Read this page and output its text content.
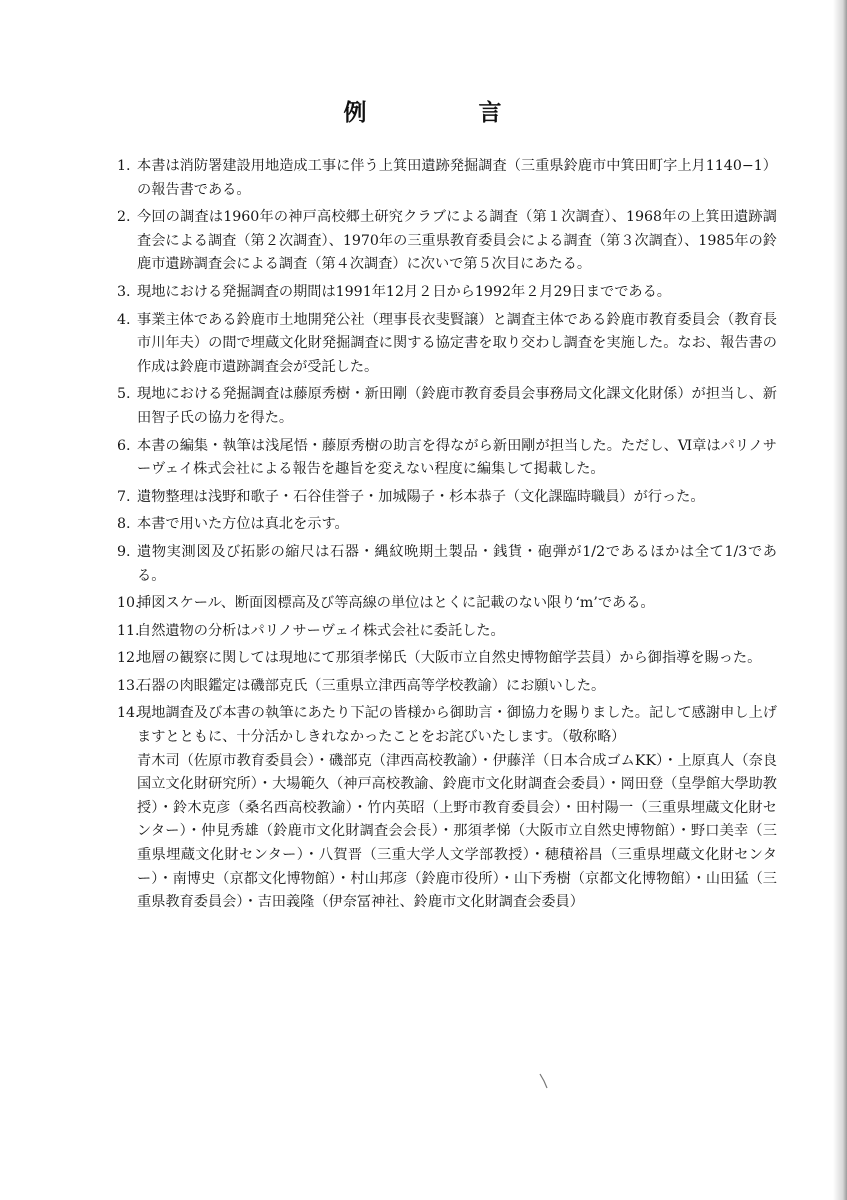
例	言
1. 本書は消防署建設用地造成工事に伴う上箕田遺跡発掘調査（三重県鈴鹿市中箕田町字上月1140−1）の報告書である。
2. 今回の調査は1960年の神戸高校郷土研究クラブによる調査（第１次調査）、1968年の上箕田遺跡調査会による調査（第２次調査）、1970年の三重県教育委員会による調査（第３次調査）、1985年の鈴鹿市遺跡調査会による調査（第４次調査）に次いで第５次目にあたる。
3. 現地における発掘調査の期間は1991年12月２日から1992年２月29日までである。
4. 事業主体である鈴鹿市土地開発公社（理事長衣斐賢譲）と調査主体である鈴鹿市教育委員会（教育長市川年夫）の間で埋蔵文化財発掘調査に関する協定書を取り交わし調査を実施した。なお、報告書の作成は鈴鹿市遺跡調査会が受託した。
5. 現地における発掘調査は藤原秀樹・新田剛（鈴鹿市教育委員会事務局文化課文化財係）が担当し、新田智子氏の協力を得た。
6. 本書の編集・執筆は浅尾悟・藤原秀樹の助言を得ながら新田剛が担当した。ただし、Ⅵ章はパリノサーヴェイ株式会社による報告を趣旨を変えない程度に編集して掲載した。
7. 遺物整理は浅野和歌子・石谷佳誉子・加城陽子・杉本恭子（文化課臨時職員）が行った。
8. 本書で用いた方位は真北を示す。
9. 遺物実測図及び拓影の縮尺は石器・縄紋晩期土製品・銭貨・砲弾が1/2であるほかは全て1/3である。
10.
挿図スケール、断面図標高及び等高線の単位はとくに記載のない限り‘m’である。
11.
自然遺物の分析はパリノサーヴェイ株式会社に委託した。
12.
地層の観察に関しては現地にて那須孝悌氏（大阪市立自然史博物館学芸員）から御指導を賜った。
13.
石器の肉眼鑑定は磯部克氏（三重県立津西高等学校教諭）にお願いした。
14.
現地調査及び本書の執筆にあたり下記の皆様から御助言・御協力を賜りました。記して感謝申し上げますとともに、十分活かしきれなかったことをお詫びいたします。（敬称略）
青木司（佐原市教育委員会）・磯部克（津西高校教諭）・伊藤洋（日本合成ゴムKK）・上原真人（奈良国立文化財研究所）・大場範久（神戸高校教諭、鈴鹿市文化財調査会委員）・岡田登（皇學館大學助教授）・鈴木克彦（桑名西高校教諭）・竹内英昭（上野市教育委員会）・田村陽一（三重県埋蔵文化財センター）・仲見秀雄（鈴鹿市文化財調査会会長）・那須孝悌（大阪市立自然史博物館）・野口美幸（三重県埋蔵文化財センター）・八賀晋（三重大学人文学部教授）・穂積裕昌（三重県埋蔵文化財センター）・南博史（京都文化博物館）・村山邦彦（鈴鹿市役所）・山下秀樹（京都文化博物館）・山田猛（三重県教育委員会）・吉田義隆（伊奈冨神社、鈴鹿市文化財調査会委員）
